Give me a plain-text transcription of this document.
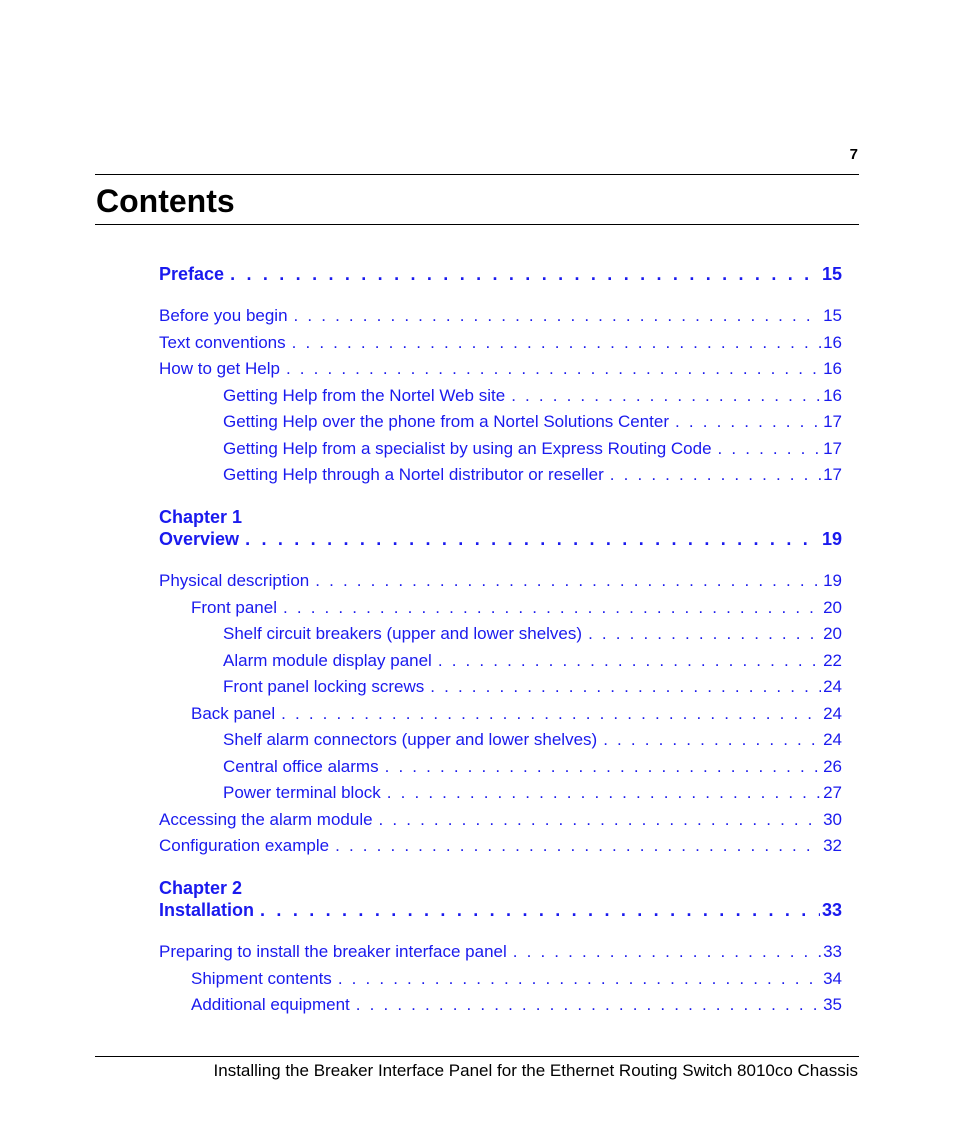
7
Contents
Preface . . .	15
Before you begin . . .	15
Text conventions . . .	16
How to get Help . . .	16
Getting Help from the Nortel Web site . . .	16
Getting Help over the phone from a Nortel Solutions Center . . .	17
Getting Help from a specialist by using an Express Routing Code . . .	17
Getting Help through a Nortel distributor or reseller . . .	17
Chapter 1
Overview . . .	19
Physical description . . .	19
Front panel . . .	20
Shelf circuit breakers (upper and lower shelves) . . .	20
Alarm module display panel . . .	22
Front panel locking screws . . .	24
Back panel . . .	24
Shelf alarm connectors (upper and lower shelves) . . .	24
Central office alarms . . .	26
Power terminal block . . .	27
Accessing the alarm module . . .	30
Configuration example . . .	32
Chapter 2
Installation . . .	33
Preparing to install the breaker interface panel . . .	33
Shipment contents . . .	34
Additional equipment . . .	35
Installing the Breaker Interface Panel for the Ethernet Routing Switch 8010co Chassis
